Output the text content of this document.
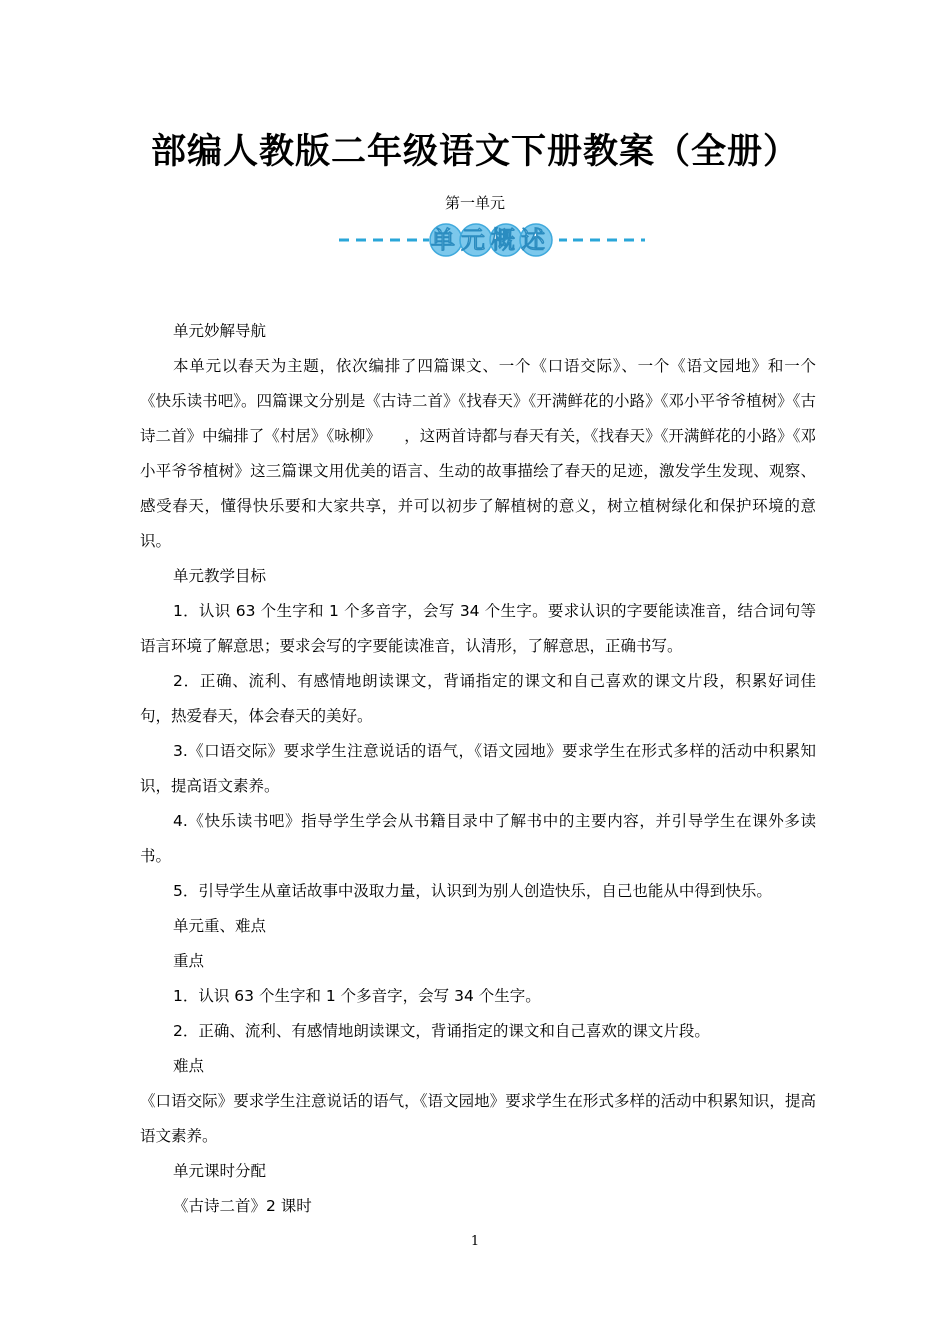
部编人教版二年级语文下册教案（全册）
第一单元
单元概述
单元妙解导航

本单元以春天为主题，依次编排了四篇课文、一个《口语交际》、一个《语文园地》和一个《快乐读书吧》。四篇课文分别是《古诗二首》《找春天》《开满鲜花的小路》《邓小平爷爷植树》《古诗二首》中编排了《村居》《咏柳》　　，这两首诗都与春天有关，《找春天》《开满鲜花的小路》《邓小平爷爷植树》这三篇课文用优美的语言、生动的故事描绘了春天的足迹，激发学生发现、观察、感受春天，懂得快乐要和大家共享，并可以初步了解植树的意义，树立植树绿化和保护环境的意识。

单元教学目标

1．认识 63 个生字和 1 个多音字，会写 34 个生字。要求认识的字要能读准音，结合词句等语言环境了解意思；要求会写的字要能读准音，认清形，了解意思，正确书写。

2．正确、流利、有感情地朗读课文，背诵指定的课文和自己喜欢的课文片段，积累好词佳句，热爱春天，体会春天的美好。

3.《口语交际》要求学生注意说话的语气，《语文园地》要求学生在形式多样的活动中积累知识，提高语文素养。

4.《快乐读书吧》指导学生学会从书籍目录中了解书中的主要内容，并引导学生在课外多读书。

5．引导学生从童话故事中汲取力量，认识到为别人创造快乐，自己也能从中得到快乐。

单元重、难点
重点

1．认识 63 个生字和 1 个多音字，会写 34 个生字。

2．正确、流利、有感情地朗读课文，背诵指定的课文和自己喜欢的课文片段。

难点

《口语交际》要求学生注意说话的语气，《语文园地》要求学生在形式多样的活动中积累知识，提高语文素养。

单元课时分配
《古诗二首》2 课时
1
